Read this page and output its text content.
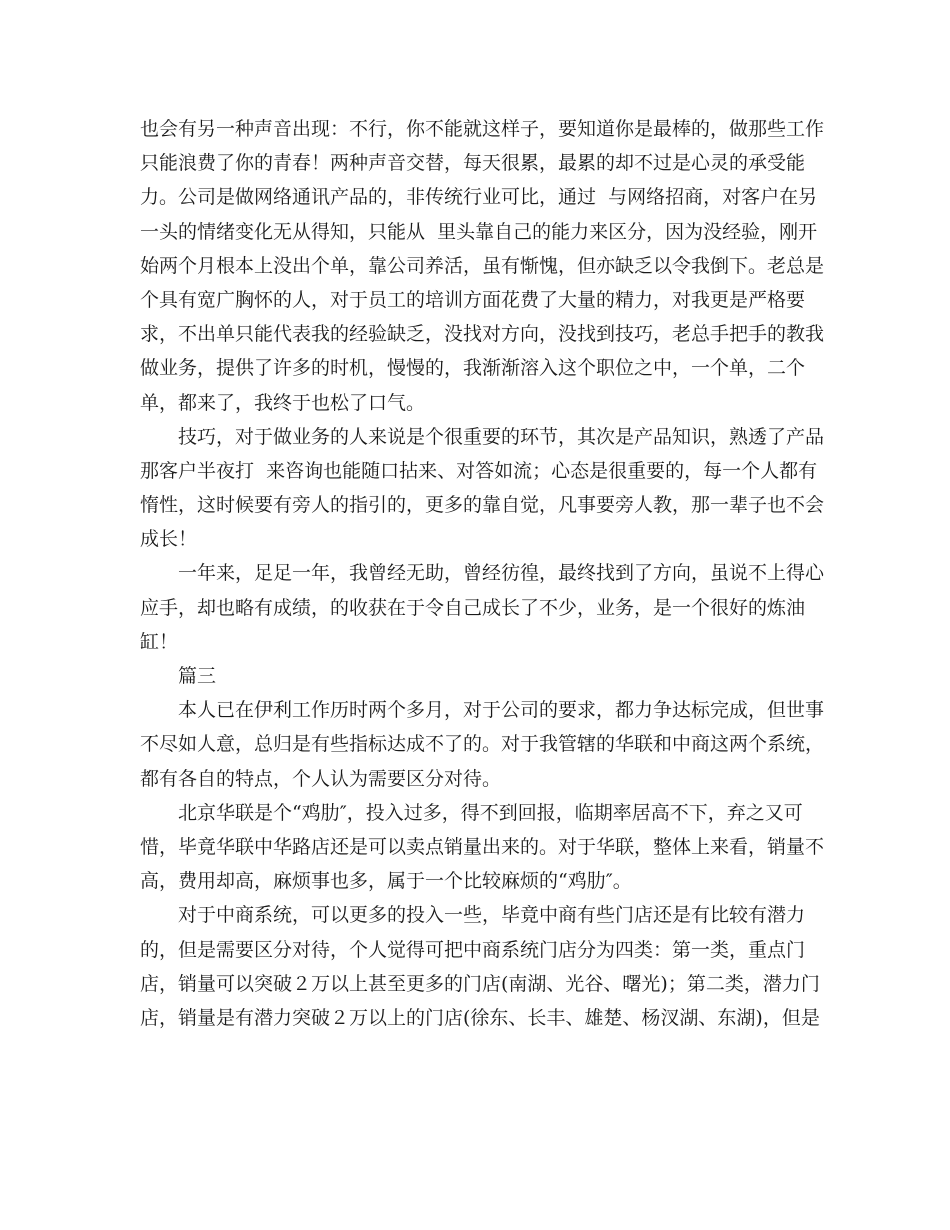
也会有另一种声音出现：不行，你不能就这样子，要知道你是最棒的，做那些工作
只能浪费了你的青春！两种声音交替，每天很累，最累的却不过是心灵的承受能
力。公司是做网络通讯产品的，非传统行业可比，通过  与网络招商，对客户在另
一头的情绪变化无从得知，只能从  里头靠自己的能力来区分，因为没经验，刚开
始两个月根本上没出个单，靠公司养活，虽有惭愧，但亦缺乏以令我倒下。老总是
个具有宽广胸怀的人，对于员工的培训方面花费了大量的精力，对我更是严格要
求，不出单只能代表我的经验缺乏，没找对方向，没找到技巧，老总手把手的教我
做业务，提供了许多的时机，慢慢的，我渐渐溶入这个职位之中，一个单，二个
单，都来了，我终于也松了口气。
技巧，对于做业务的人来说是个很重要的环节，其次是产品知识，熟透了产品
那客户半夜打  来咨询也能随口拈来、对答如流；心态是很重要的，每一个人都有
惰性，这时候要有旁人的指引的，更多的靠自觉，凡事要旁人教，那一辈子也不会
成长！
一年来，足足一年，我曾经无助，曾经彷徨，最终找到了方向，虽说不上得心
应手，却也略有成绩，的收获在于令自己成长了不少，业务，是一个很好的炼油
缸！
篇三
本人已在伊利工作历时两个多月，对于公司的要求，都力争达标完成，但世事
不尽如人意，总归是有些指标达成不了的。对于我管辖的华联和中商这两个系统，
都有各自的特点，个人认为需要区分对待。
北京华联是个“鸡肋″，投入过多，得不到回报，临期率居高不下，弃之又可
惜，毕竟华联中华路店还是可以卖点销量出来的。对于华联，整体上来看，销量不
高，费用却高，麻烦事也多，属于一个比较麻烦的“鸡肋″。
对于中商系统，可以更多的投入一些，毕竟中商有些门店还是有比较有潜力
的，但是需要区分对待，个人觉得可把中商系统门店分为四类：第一类，重点门
店，销量可以突破２万以上甚至更多的门店(南湖、光谷、曙光)；第二类，潜力门
店，销量是有潜力突破２万以上的门店(徐东、长丰、雄楚、杨汊湖、东湖)，但是
